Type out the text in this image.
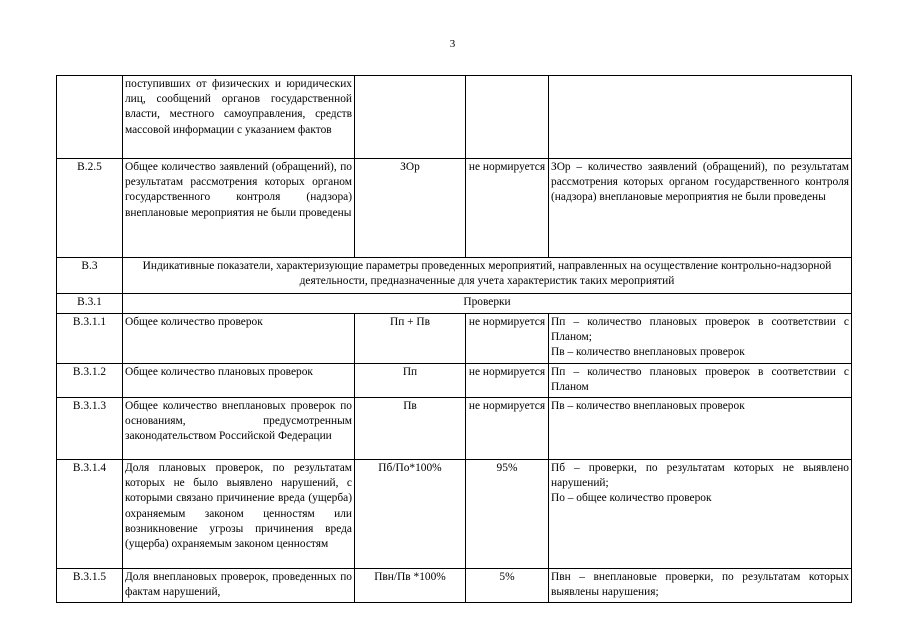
3
	поступивших от физических и юридических лиц, сообщений органов государственной власти, местного самоуправления, средств массовой информации с указанием фактов			
В.2.5	Общее количество заявлений (обращений), по результатам рассмотрения которых органом государственного контроля (надзора) внеплановые мероприятия не были проведены	ЗОр	не нормируется	ЗОр – количество заявлений (обращений), по результатам рассмотрения которых органом государственного контроля (надзора) внеплановые мероприятия не были проведены
В.3	Индикативные показатели, характеризующие параметры проведенных мероприятий, направленных на осуществление контрольно-надзорной деятельности, предназначенные для учета характеристик таких мероприятий			
В.3.1	Проверки			
В.3.1.1	Общее количество проверок	Пп + Пв	не нормируется	Пп – количество плановых проверок в соответствии с Планом;
Пв – количество внеплановых проверок

В.3.1.2	Общее количество плановых проверок	Пп	не нормируется	Пп – количество плановых проверок в соответствии с Планом
В.3.1.3	Общее количество внеплановых проверок по основаниям, предусмотренным законодательством Российской Федерации	Пв	не нормируется	Пв – количество внеплановых проверок
В.3.1.4	Доля плановых проверок, по результатам которых не было выявлено нарушений, с которыми связано причинение вреда (ущерба) охраняемым законом ценностям или возникновение угрозы причинения вреда (ущерба) охраняемым законом ценностям	Пб/По*100%	95%	Пб – проверки, по результатам которых не выявлено нарушений;
По – общее количество проверок

В.3.1.5	Доля внеплановых проверок, проведенных по фактам нарушений,	Пвн/Пв *100%	5%	Пвн – внеплановые проверки, по результатам которых выявлены нарушения;
